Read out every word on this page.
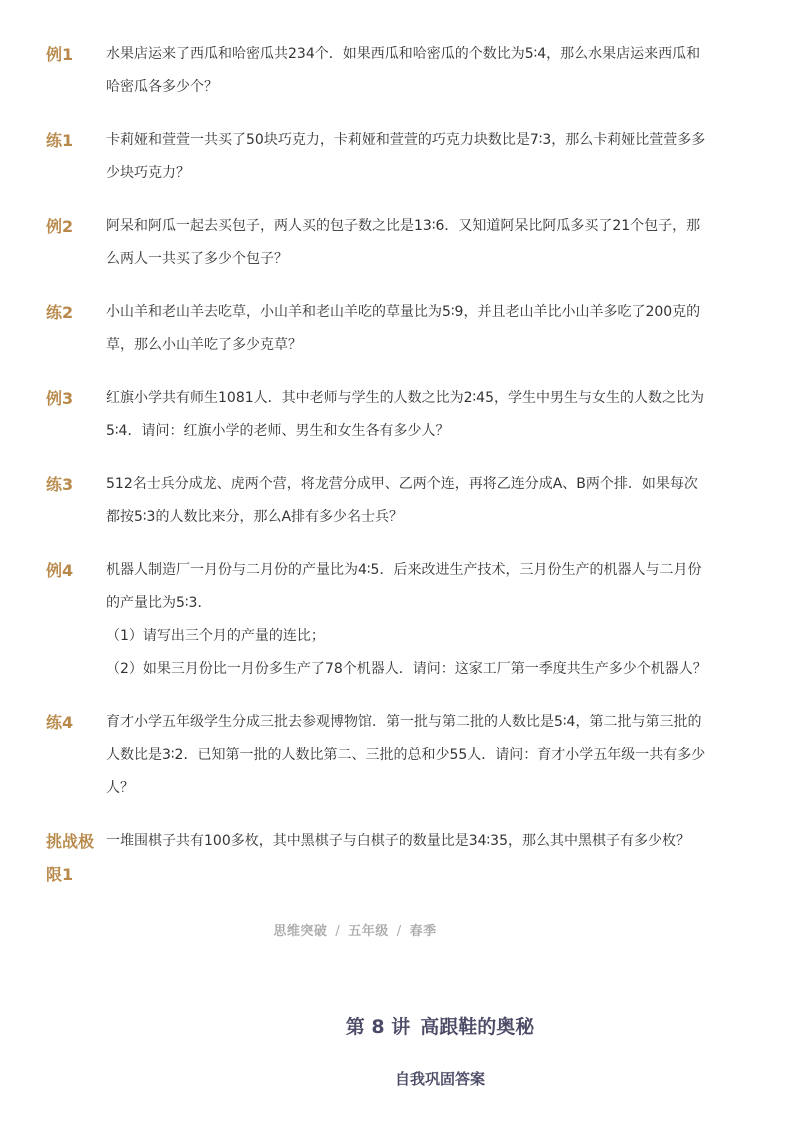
例1	水果店运来了西瓜和哈密瓜共234个．如果西瓜和哈密瓜的个数比为5∶4，那么水果店运来西瓜和

哈密瓜各多少个？

练1	卡莉娅和萱萱一共买了50块巧克力，卡莉娅和萱萱的巧克力块数比是7∶3，那么卡莉娅比萱萱多多

少块巧克力？

例2	阿呆和阿瓜一起去买包子，两人买的包子数之比是13∶6．又知道阿呆比阿瓜多买了21个包子，那

么两人一共买了多少个包子？

练2	小山羊和老山羊去吃草，小山羊和老山羊吃的草量比为5∶9，并且老山羊比小山羊多吃了200克的

草，那么小山羊吃了多少克草？

例3	红旗小学共有师生1081人．其中老师与学生的人数之比为2∶45，学生中男生与女生的人数之比为

5∶4．请问：红旗小学的老师、男生和女生各有多少人？

练3	512名士兵分成龙、虎两个营，将龙营分成甲、乙两个连，再将乙连分成A、B两个排．如果每次

都按5∶3的人数比来分，那么A排有多少名士兵？

例4	机器人制造厂一月份与二月份的产量比为4∶5．后来改进生产技术，三月份生产的机器人与二月份

的产量比为5∶3．

（1）请写出三个月的产量的连比；

（2）如果三月份比一月份多生产了78个机器人．请问：这家工厂第一季度共生产多少个机器人？

练4	育才小学五年级学生分成三批去参观博物馆．第一批与第二批的人数比是5∶4，第二批与第三批的

人数比是3∶2．已知第一批的人数比第二、三批的总和少55人．请问：育才小学五年级一共有多少

人？

挑战极限1

一堆围棋子共有100多枚，其中黑棋子与白棋子的数量比是34∶35，那么其中黑棋子有多少枚？

思维突破 / 五年级 / 春季
第 8 讲 高跟鞋的奥秘
自我巩固答案
